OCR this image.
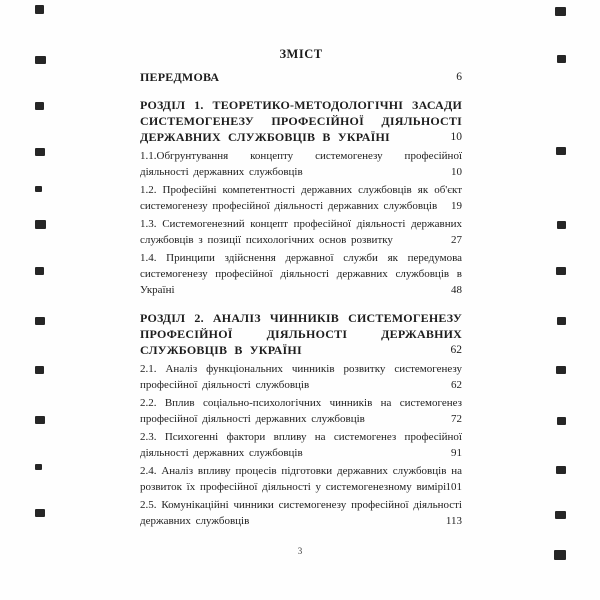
ЗМІСТ
ПЕРЕДМОВА	6
РОЗДІЛ 1. ТЕОРЕТИКО-МЕТОДОЛОГІЧНІ ЗАСАДИ СИСТЕМОГЕНЕЗУ ПРОФЕСІЙНОЇ ДІЯЛЬНОСТІ ДЕРЖАВНИХ СЛУЖБОВЦІВ В УКРАЇНІ	10
1.1.Обгрунтування концепту системогенезу професійної діяльності державних службовців	10
1.2. Професійні компетентності державних службовців як об'єкт системогенезу професійної діяльності державних службовців	19
1.3. Системогенезний концепт професійної діяльності державних службовців з позиції психологічних основ розвитку	27
1.4. Принципи здійснення державної служби як передумова системогенезу професійної діяльності державних службовців в Україні	48
РОЗДІЛ 2. АНАЛІЗ ЧИННИКІВ СИСТЕМОГЕНЕЗУ ПРОФЕСІЙНОЇ ДІЯЛЬНОСТІ ДЕРЖАВНИХ СЛУЖБОВЦІВ В УКРАЇНІ	62
2.1. Аналіз функціональних чинників розвитку системогенезу професійної діяльності службовців	62
2.2. Вплив соціально-психологічних чинників на системогенез професійної діяльності державних службовців	72
2.3. Психогенні фактори впливу на системогенез професійної діяльності державних службовців	91
2.4. Аналіз впливу процесів підготовки державних службовців на розвиток їх професійної діяльності у системогенезному вимірі 101
2.5. Комунікаційні чинники системогенезу професійної діяльності державних службовців	113
3
